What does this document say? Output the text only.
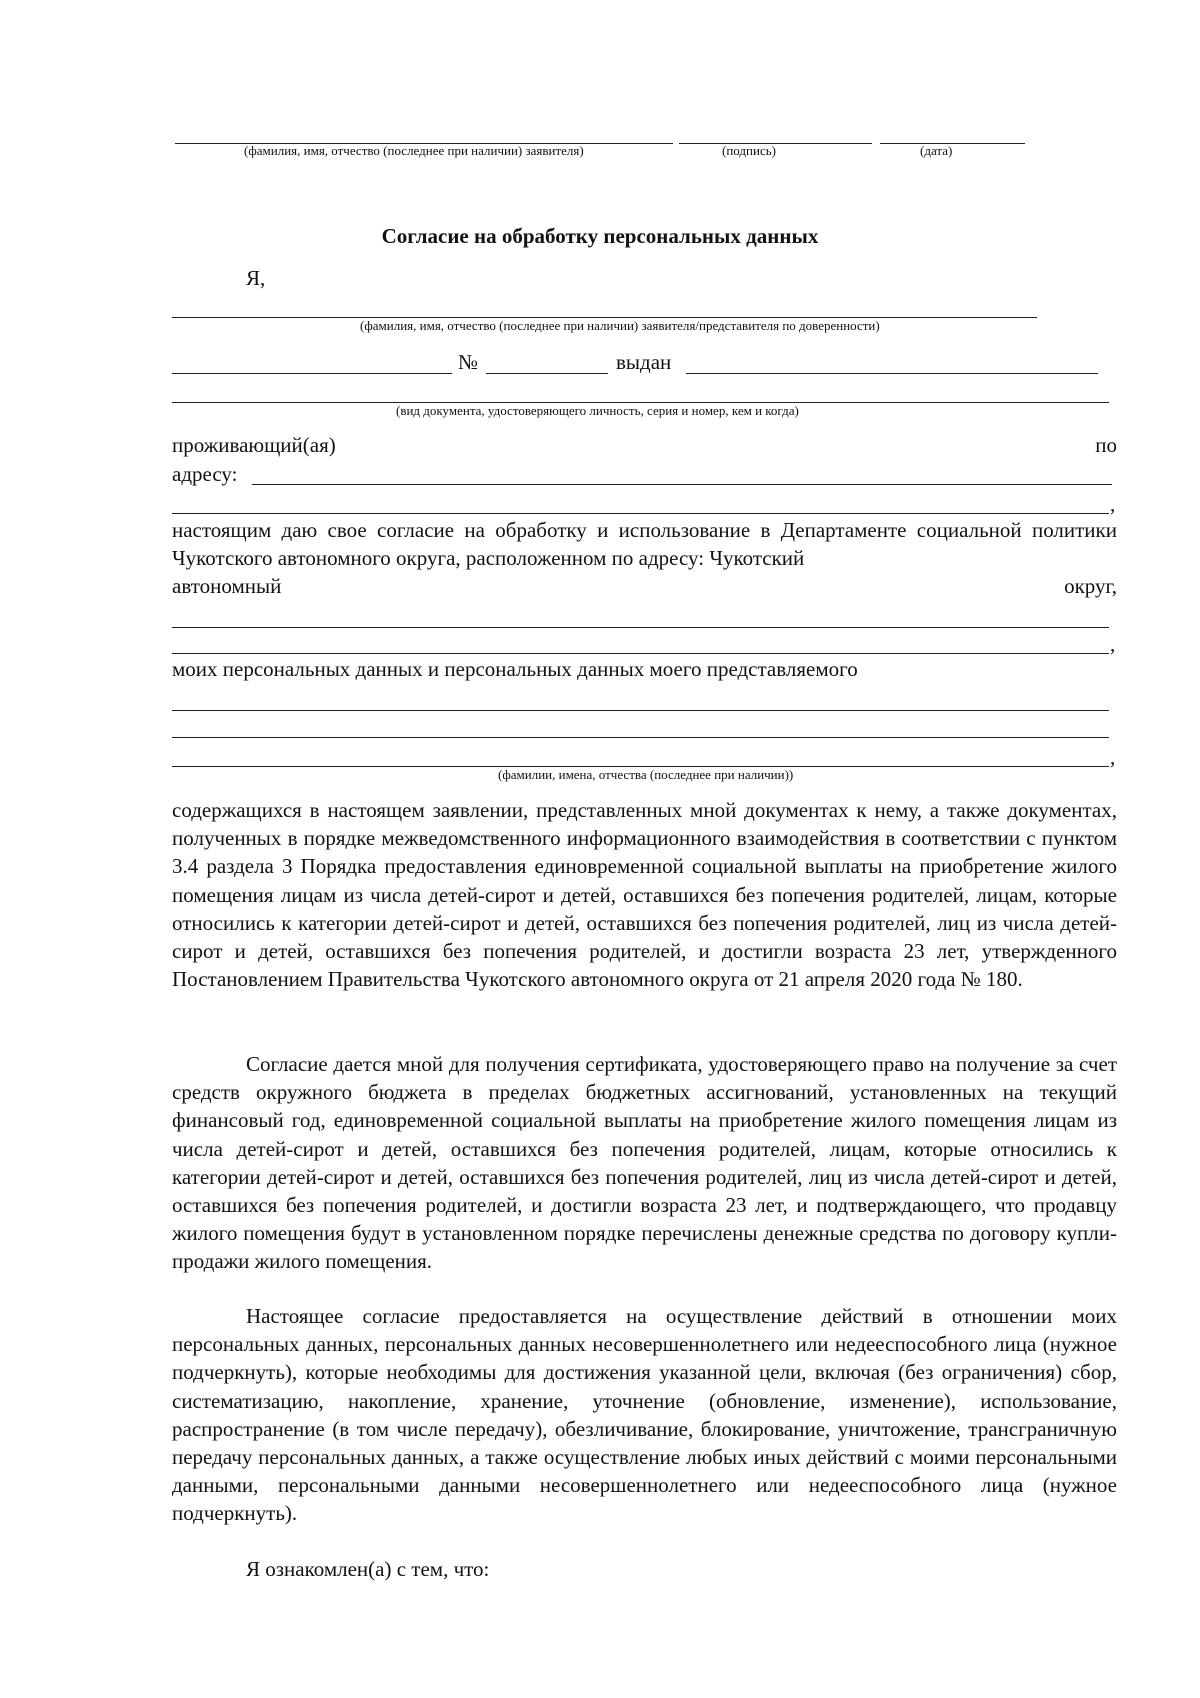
(фамилия, имя, отчество (последнее при наличии) заявителя)	(подпись)	(дата)
Согласие на обработку персональных данных
Я,
(фамилия, имя, отчество (последнее при наличии) заявителя/представителя по доверенности)
№	выдан
(вид документа, удостоверяющего личность, серия и номер, кем и когда)
проживающий(ая)	по
адресу:
,
настоящим даю свое согласие на обработку и использование в Департаменте социальной политики Чукотского автономного округа, расположенном по адресу: Чукотский
автономный	округ,
,
моих персональных данных и персональных данных моего представляемого
,
(фамилии, имена, отчества (последнее при наличии))
содержащихся в настоящем заявлении, представленных мной документах к нему, а также документах, полученных в порядке межведомственного информационного взаимодействия в соответствии с пунктом 3.4 раздела 3 Порядка предоставления единовременной социальной выплаты на приобретение жилого помещения лицам из числа детей-сирот и детей, оставшихся без попечения родителей, лицам, которые относились к категории детей-сирот и детей, оставшихся без попечения родителей, лиц из числа детей-сирот и детей, оставшихся без попечения родителей, и достигли возраста 23 лет, утвержденного Постановлением Правительства Чукотского автономного округа от 21 апреля 2020 года № 180.
Согласие дается мной для получения сертификата, удостоверяющего право на получение за счет средств окружного бюджета в пределах бюджетных ассигнований, установленных на текущий финансовый год, единовременной социальной выплаты на приобретение жилого помещения лицам из числа детей-сирот и детей, оставшихся без попечения родителей, лицам, которые относились к категории детей-сирот и детей, оставшихся без попечения родителей, лиц из числа детей-сирот и детей, оставшихся без попечения родителей, и достигли возраста 23 лет, и подтверждающего, что продавцу жилого помещения будут в установленном порядке перечислены денежные средства по договору купли-продажи жилого помещения.
Настоящее согласие предоставляется на осуществление действий в отношении моих персональных данных, персональных данных несовершеннолетнего или недееспособного лица (нужное подчеркнуть), которые необходимы для достижения указанной цели, включая (без ограничения) сбор, систематизацию, накопление, хранение, уточнение (обновление, изменение), использование, распространение (в том числе передачу), обезличивание, блокирование, уничтожение, трансграничную передачу персональных данных, а также осуществление любых иных действий с моими персональными данными, персональными данными несовершеннолетнего или недееспособного лица (нужное подчеркнуть).
Я ознакомлен(а) с тем, что:
